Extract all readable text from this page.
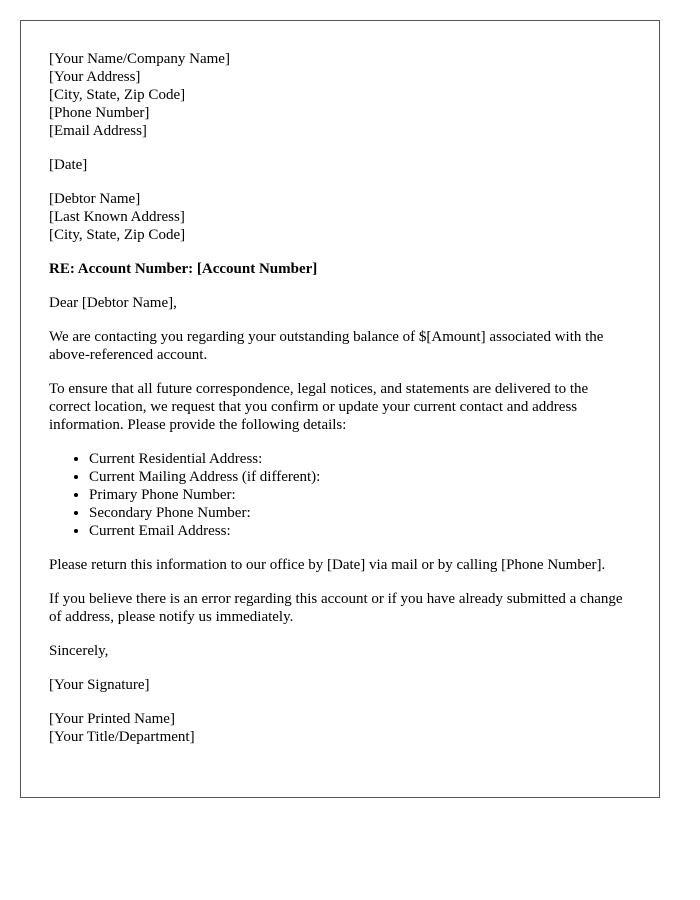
[Your Name/Company Name]
[Your Address]
[City, State, Zip Code]
[Phone Number]
[Email Address]

[Date]

[Debtor Name]
[Last Known Address]
[City, State, Zip Code]

RE: Account Number: [Account Number]

Dear [Debtor Name],

We are contacting you regarding your outstanding balance of $[Amount] associated with the above-referenced account.

To ensure that all future correspondence, legal notices, and statements are delivered to the correct location, we request that you confirm or update your current contact and address information. Please provide the following details:

• Current Residential Address:
• Current Mailing Address (if different):
• Primary Phone Number:
• Secondary Phone Number:
• Current Email Address:

Please return this information to our office by [Date] via mail or by calling [Phone Number].

If you believe there is an error regarding this account or if you have already submitted a change of address, please notify us immediately.

Sincerely,

[Your Signature]

[Your Printed Name]
[Your Title/Department]
